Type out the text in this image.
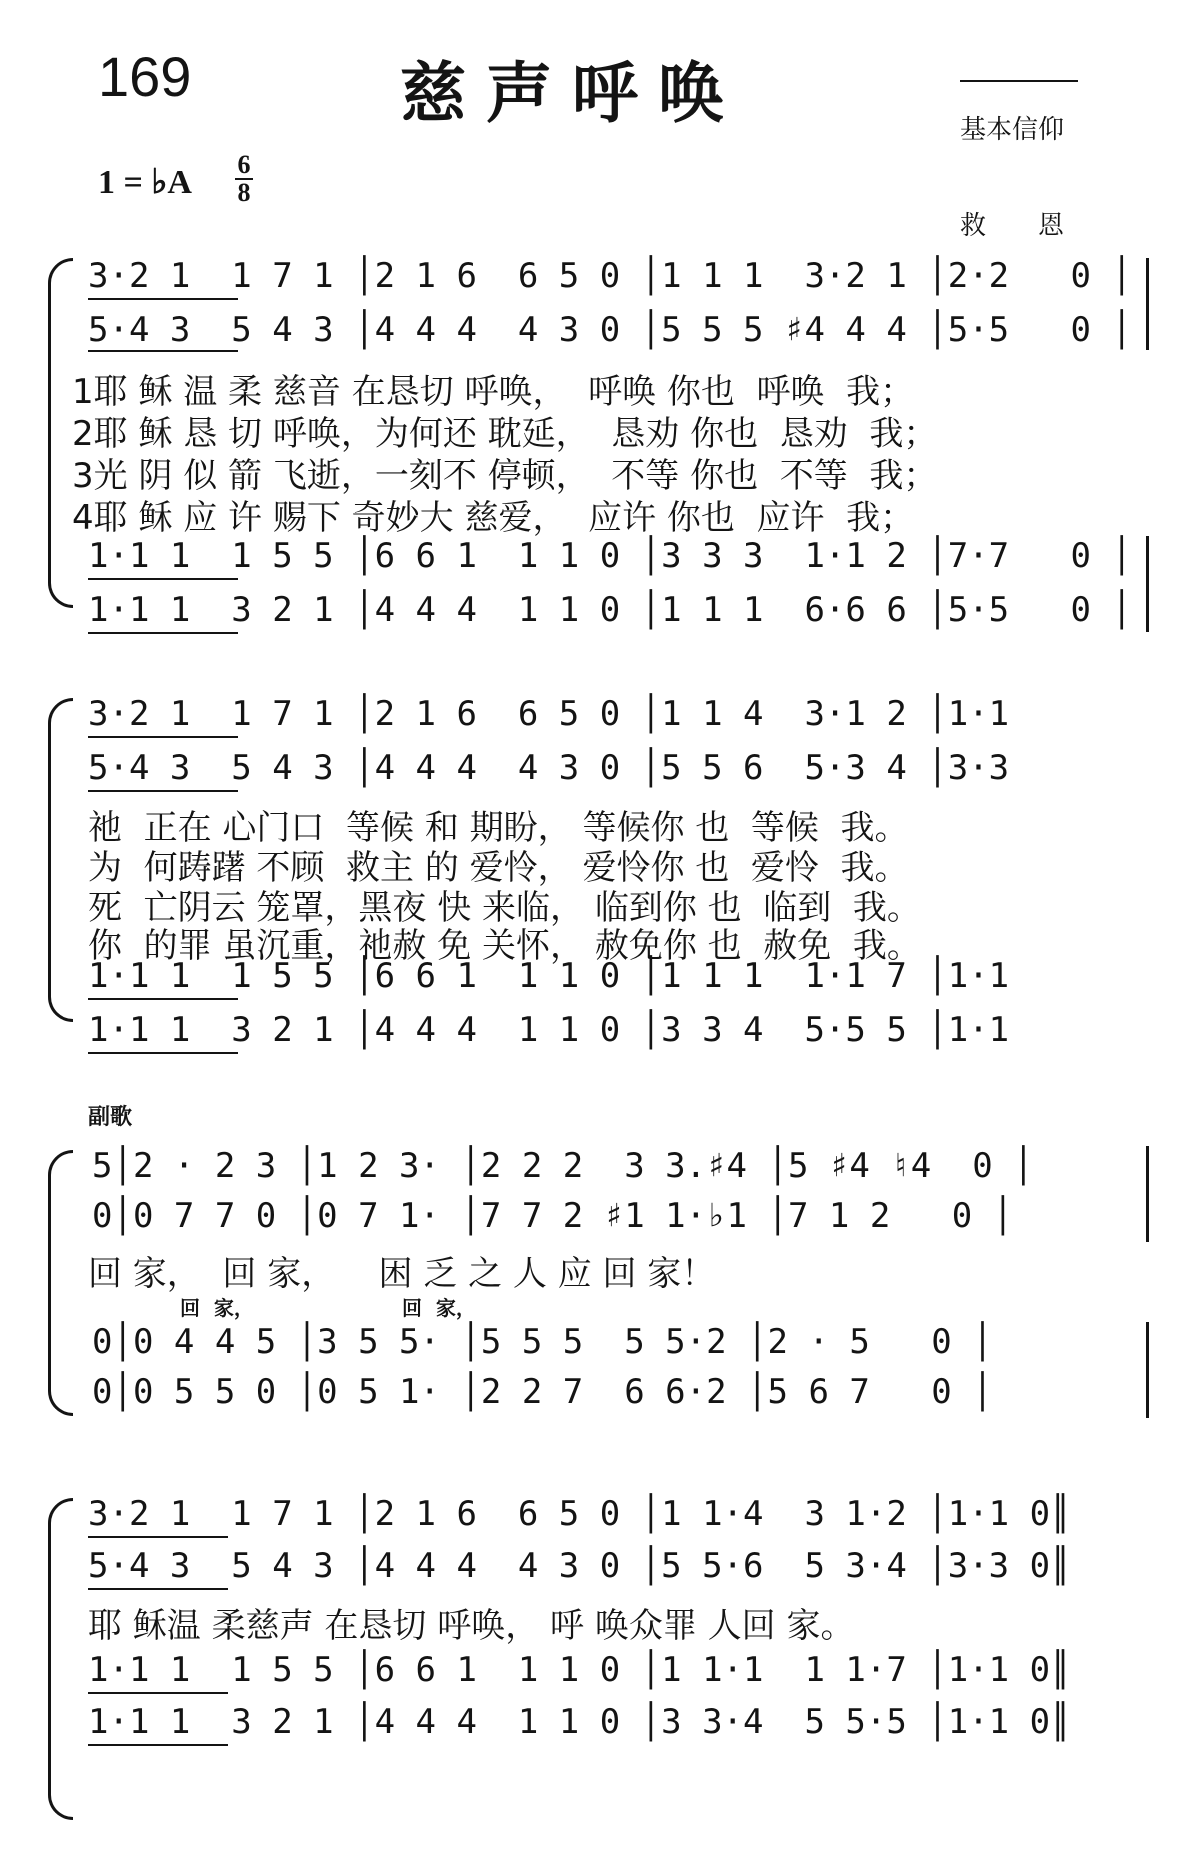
169	慈声呼唤

	基本信仰

救　　恩

1 = ♭A 6
8
3·2 1  1 7 1 │2 1 6  6 5 0 │1 1 1  3·2 1 │2·2   0 │
5·4 3  5 4 3 │4 4 4  4 3 0 │5 5 5 ♯4 4 4 │5·5   0 │
1耶 稣 温 柔 慈音 在恳切 呼唤，  呼唤 你也  呼唤  我；
2耶 稣 恳 切 呼唤，为何还 耽延，  恳劝 你也  恳劝  我；
3光 阴 似 箭 飞逝，一刻不 停顿，  不等 你也  不等  我；
4耶 稣 应 许 赐下 奇妙大 慈爱，  应许 你也  应许  我；
1·1 1  1 5 5 │6 6 1  1 1 0 │3 3 3  1·1 2 │7·7   0 │
1·1 1  3 2 1 │4 4 4  1 1 0 │1 1 1  6·6 6 │5·5   0 │
3·2 1  1 7 1 │2 1 6  6 5 0 │1 1 4  3·1 2 │1·1
5·4 3  5 4 3 │4 4 4  4 3 0 │5 5 6  5·3 4 │3·3
祂  正在 心门口  等候 和 期盼， 等候你 也  等候  我。
为  何踌躇 不顾  救主 的 爱怜， 爱怜你 也  爱怜  我。
死  亡阴云 笼罩，黑夜 快 来临， 临到你 也  临到  我。
你  的罪 虽沉重，祂赦 免 关怀， 赦免你 也  赦免  我。
1·1 1  1 5 5 │6 6 1  1 1 0 │1 1 1  1·1 7 │1·1
1·1 1  3 2 1 │4 4 4  1 1 0 │3 3 4  5·5 5 │1·1
副歌
5│2 · 2 3 │1 2 3· │2 2 2  3 3.♯4 │5 ♯4 ♮4  0 │
0│0 7 7 0 │0 7 1· │7 7 2 ♯1 1·♭1 │7 1 2   0 │
回 家，  回 家，    困 乏 之 人 应 回 家！
回  家，	回  家，
0│0 4 4 5 │3 5 5· │5 5 5  5 5·2 │2 · 5   0 │
0│0 5 5 0 │0 5 1· │2 2 7  6 6·2 │5 6 7   0 │
3·2 1  1 7 1 │2 1 6  6 5 0 │1 1·4  3 1·2 │1·1 0║
5·4 3  5 4 3 │4 4 4  4 3 0 │5 5·6  5 3·4 │3·3 0║
耶 稣温 柔慈声 在恳切 呼唤， 呼 唤众罪 人回 家。
1·1 1  1 5 5 │6 6 1  1 1 0 │1 1·1  1 1·7 │1·1 0║
1·1 1  3 2 1 │4 4 4  1 1 0 │3 3·4  5 5·5 │1·1 0║
